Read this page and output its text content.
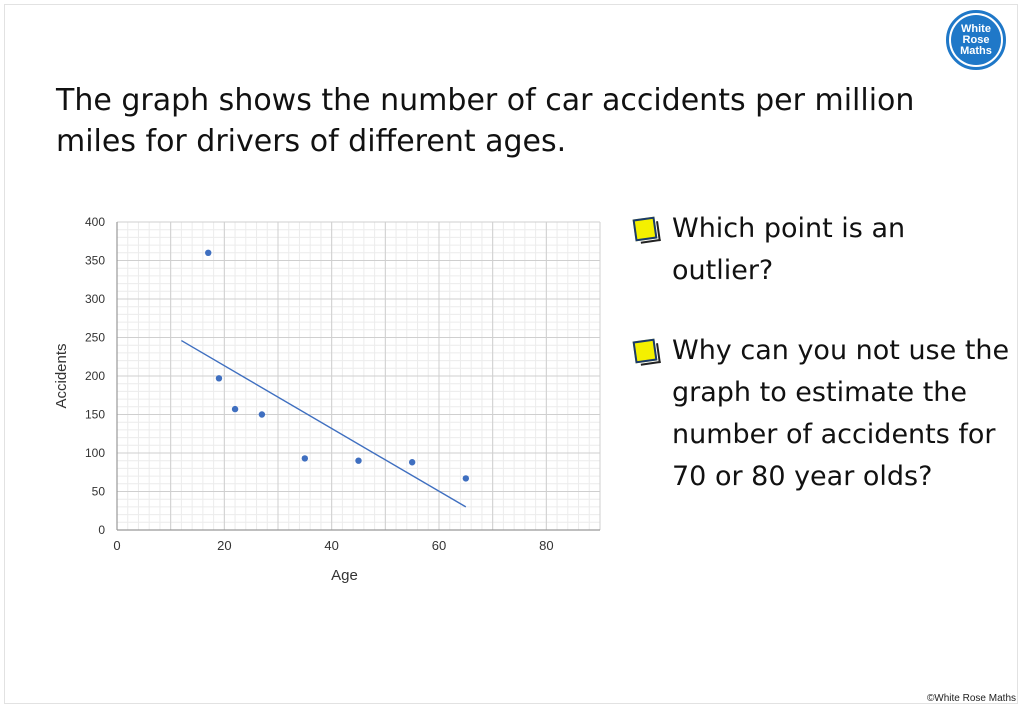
White
Rose
Maths

The graph shows the number of car accidents per million miles for drivers of different ages.

0
50
100
150
200
250
300
350
400
0	20	40	60	80
Age
Accidents
Which point is an outlier?
Why can you not use the graph to estimate the number of accidents for 70 or 80 year olds?
©White Rose Maths
